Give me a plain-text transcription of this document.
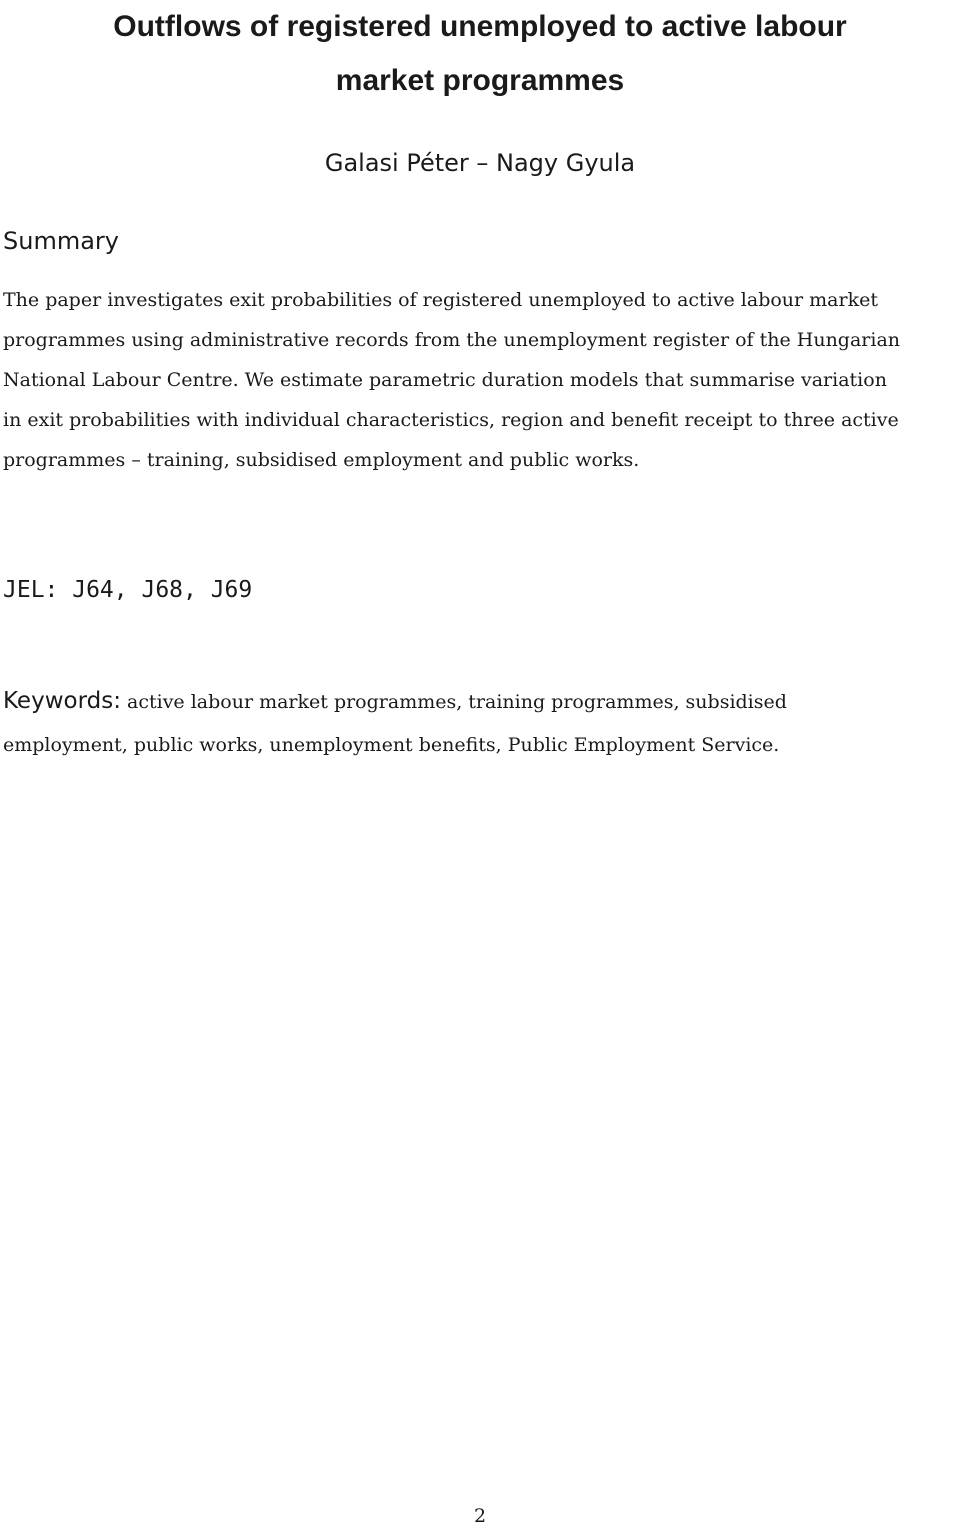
Outflows of registered unemployed to active labour
market programmes
Galasi Péter – Nagy Gyula
Summary

The paper investigates exit probabilities of registered unemployed to active labour market
programmes using administrative records from the unemployment register of the Hungarian
National Labour Centre. We estimate parametric duration models that summarise variation
in exit probabilities with individual characteristics, region and benefit receipt to three active
programmes – training, subsidised employment and public works.

JEL: J64, J68, J69
Keywords: active labour market programmes, training programmes, subsidised
employment, public works, unemployment benefits, Public Employment Service.
2
